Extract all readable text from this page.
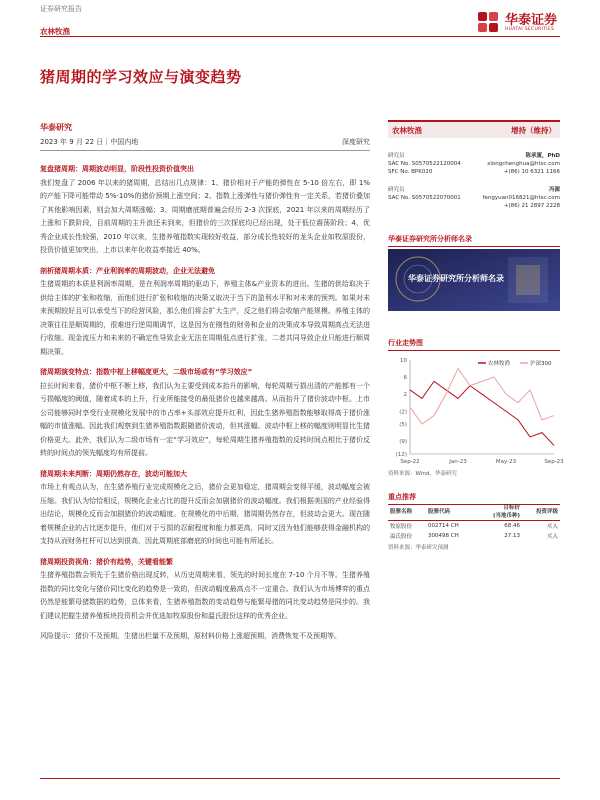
证券研究报告
农林牧渔
华泰证券
HUATAI SECURITIES
猪周期的学习效应与演变趋势
华泰研究
2023 年 9 月 22 日｜中国内地	深度研究

复盘猪周期：周期波动明显，阶段性投资价值突出
我们复盘了 2006 年以来的猪周期，总结出几点规律：1、猪价相对于产能的弹性在 5-10 倍左右，即 1%的产能下降可能带动 5%-10%的猪价预期上涨空间；2、指数上涨弹性与猪价弹性有一定关系，若猪价叠加了其他影响因素，则会加大周期涨幅；3、周期磨底期普遍会经历 2-3 次探底，2021 年以来的周期经历了上涨和下跌阶段，目前周期的主升浪还未到来，但猪价的三次探底均已经出现，处于低位震荡阶段；4、优秀企业成长性较强，2010 年以来，生猪养殖指数实现较好收益，部分成长性较好的龙头企业如牧原股份，投资价值更加突出，上市以来年化收益率接近 40%。

剖析猪周期本质：产业利润率的周期波动，企业无法避免
生猪周期的本质是利润率周期，是在利润率周期的驱动下，养殖主体&产业资本的进出。生猪的供给取决于供给主体的扩张和收缩，而他们进行扩张和收缩的决策又取决于当下的盈利水平和对未来的预判。如果对未来预期较好且可以承受当下的经营风险，那么他们将会扩大生产，反之他们将会收缩产能规模。养殖主体的决策往往是顺周期的，很难进行逆周期调节，这是因为在刚性的财务和企业的决策成本导致周期高点无法进行收缩。现金流压力和未来的不确定性导致企业无法在周期低点进行扩张，二者共同导致企业只能进行顺周期决策。

猪周期演变特点：指数中枢上移幅度更大，二级市场或有“学习效应”
拉长时间来看，猪价中枢不断上移，我们认为主要受到成本抬升的影响，每轮周期亏损出清的产能都有一个亏损幅度的阈值，随着成本的上升，行业所能接受的最低猪价也越来越高。从而抬升了猪价波动中枢。上市公司能够同时享受行业规模化发展中的市占率+头部效应提升红利，因此生猪养殖指数能够取得高于猪价涨幅的市值涨幅。因此我们观察到生猪养殖指数跟随猪价波动，但其涨幅、波动中枢上移的幅度则明显比生猪价格更大。此外，我们认为二级市场有一定“学习效应”，每轮周期生猪养殖指数的反转时间点相比于猪价反转的时间点的领先幅度均有所提前。

猪周期未来判断：周期仍然存在，波动可能加大
市场上有观点认为，在生猪养殖行业完成规模化之后，猪价会更加稳定，猪周期会变得平缓，波动幅度会被压缩。我们认为恰恰相反，规模化企业占比的提升反而会加剧猪价的波动幅度。我们根据美国的产业经验得出结论，规模化反而会加剧猪价的波动幅度。在规模化的中后期，猪周期仍然存在，但波动会更大。现在随着规模企业的占比逐步提升，他们对于亏损的忍耐程度和能力都更高，同时又因为他们能够获得金融机构的支持从而财务杠杆可以达到很高，因此周期底部磨底的时间也可能有所延长。

猪周期投资视角：猪价有趋势，关键看能繁
生猪养殖指数会领先于生猪价格出现反转，从历史周期来看，领先的时间长度在 7-10 个月不等。生猪养殖指数的同比变化与猪价同比变化的趋势是一致的，但波动幅度最高点不一定重合。我们认为市场博弈的重点仍然是能繁母猪数据的趋势，总体来看，生猪养殖指数的变动趋势与能繁母猪的同比变动趋势是同步的。我们建议把握生猪养殖板块投资机会并优选如牧原股份和温氏股份这样的优秀企业。

风险提示：猪价不及预期，生猪出栏量不及预期，原材料价格上涨超预期，消费恢复不及预期等。

农林牧渔	增持（维持）
研究员	陈承厦，PhD
SAC No. S0570522120004	xiongchenghua@htsc.com
SFC No. BPK020	+(86) 10 6321 1166
研究员	冯源
SAC No. S0570522070001	fengyuan016821@htsc.com
+(86) 21 2897 2228
华泰证券研究所分析师名录
华泰证券研究所分析师名录
行业走势图
10
6
2
(2)
(5)
(9)
(12)
Sep-22	Jan-23	May-23	Sep-23
农林牧渔	沪深300
资料来源：Wind，华泰研究
重点推荐
股票名称	股票代码	目标价
(当地币种)	投资评级
牧原股份	002714 CH	68.46	买入
温氏股份	300498 CH	27.13	买入
资料来源：华泰研究预测
